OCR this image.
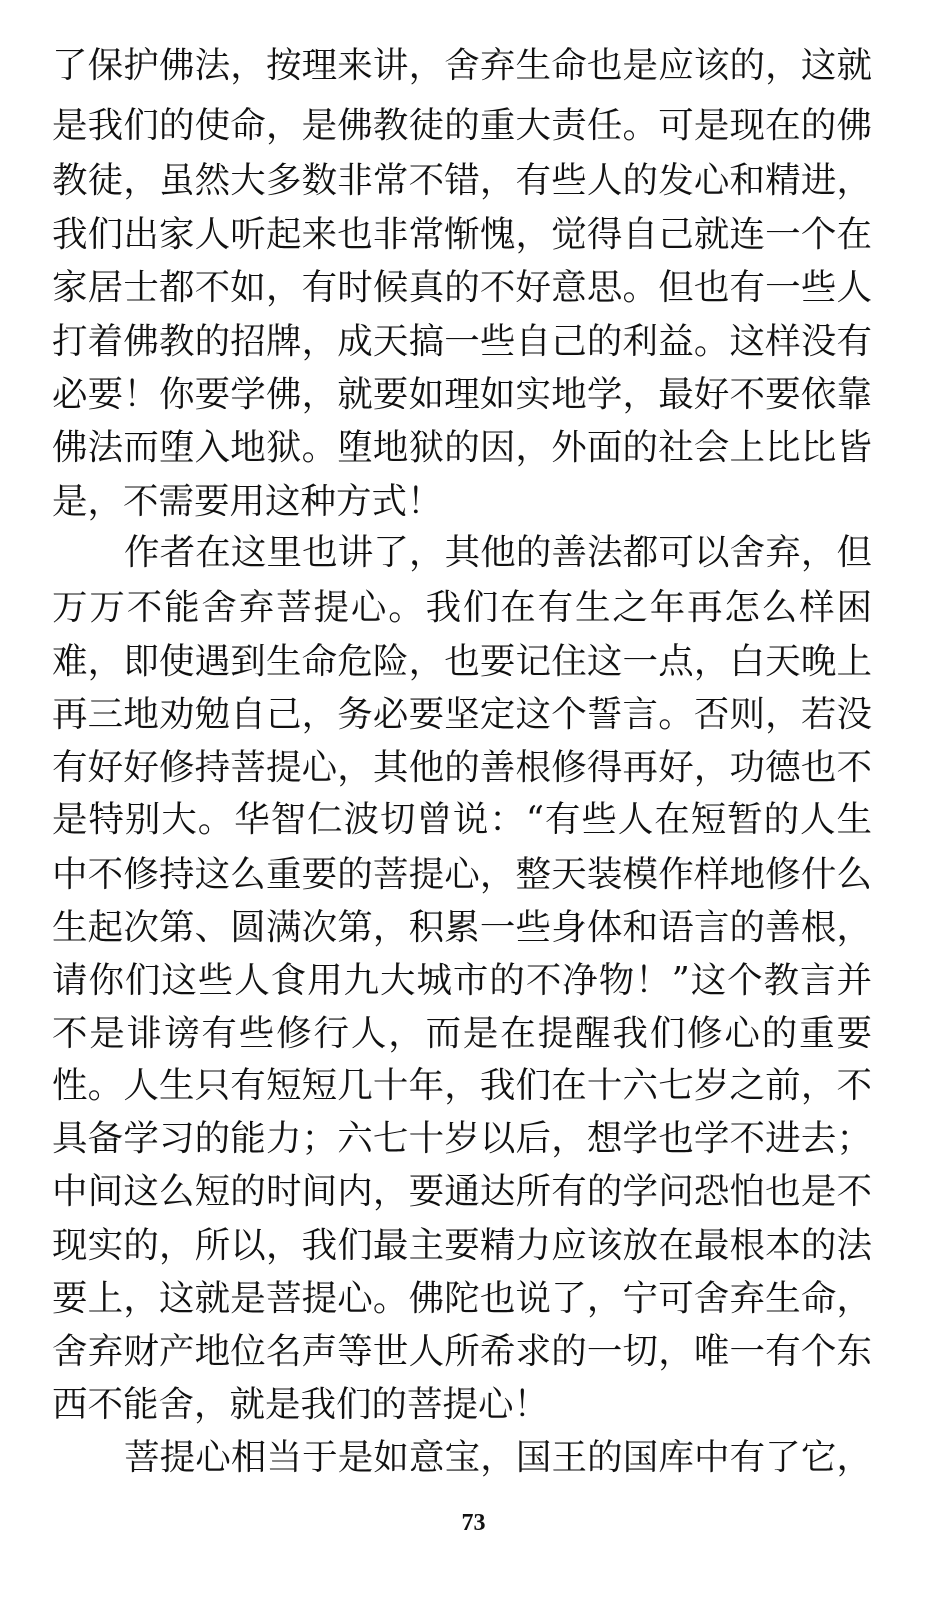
了保护佛法，按理来讲，舍弃生命也是应该的，这就
是我们的使命，是佛教徒的重大责任。可是现在的佛
教徒，虽然大多数非常不错，有些人的发心和精进，
我们出家人听起来也非常惭愧，觉得自己就连一个在
家居士都不如，有时候真的不好意思。但也有一些人
打着佛教的招牌，成天搞一些自己的利益。这样没有
必要！你要学佛，就要如理如实地学，最好不要依靠
佛法而堕入地狱。堕地狱的因，外面的社会上比比皆
是，不需要用这种方式！
作者在这里也讲了，其他的善法都可以舍弃，但
万万不能舍弃菩提心。我们在有生之年再怎么样困
难，即使遇到生命危险，也要记住这一点，白天晚上
再三地劝勉自己，务必要坚定这个誓言。否则，若没
有好好修持菩提心，其他的善根修得再好，功德也不
是特别大。华智仁波切曾说：“有些人在短暂的人生
中不修持这么重要的菩提心，整天装模作样地修什么
生起次第、圆满次第，积累一些身体和语言的善根，
请你们这些人食用九大城市的不净物！”这个教言并
不是诽谤有些修行人，而是在提醒我们修心的重要
性。人生只有短短几十年，我们在十六七岁之前，不
具备学习的能力；六七十岁以后，想学也学不进去；
中间这么短的时间内，要通达所有的学问恐怕也是不
现实的，所以，我们最主要精力应该放在最根本的法
要上，这就是菩提心。佛陀也说了，宁可舍弃生命，
舍弃财产地位名声等世人所希求的一切，唯一有个东
西不能舍，就是我们的菩提心！
菩提心相当于是如意宝，国王的国库中有了它，
73
